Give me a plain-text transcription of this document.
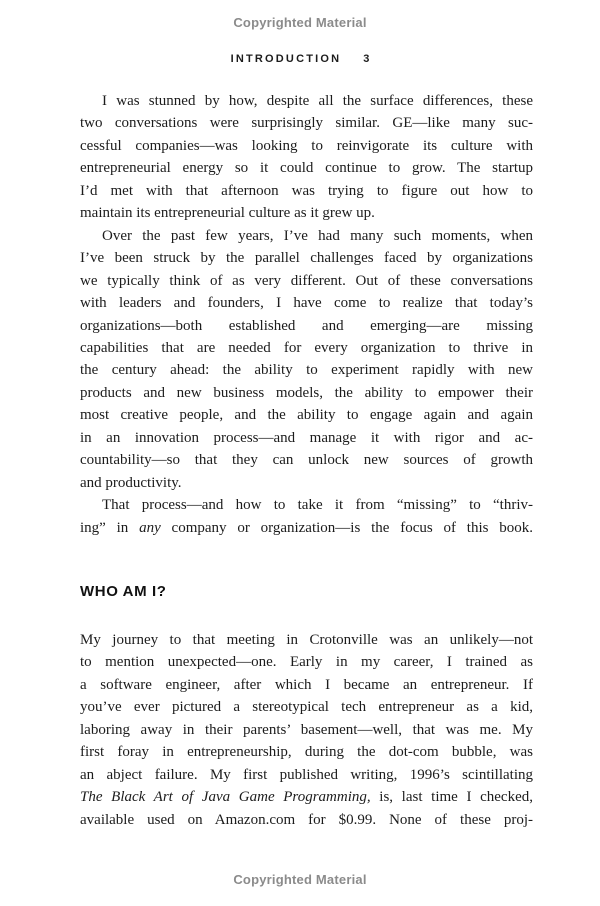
Copyrighted Material
INTRODUCTION 3
I was stunned by how, despite all the surface differences, these
two conversations were surprisingly similar. GE—like many suc-
cessful companies—was looking to reinvigorate its culture with
entrepreneurial energy so it could continue to grow. The startup
I’d met with that afternoon was trying to figure out how to
maintain its entrepreneurial culture as it grew up.
Over the past few years, I’ve had many such moments, when
I’ve been struck by the parallel challenges faced by organizations
we typically think of as very different. Out of these conversations
with leaders and founders, I have come to realize that today’s
organizations—both established and emerging—are missing
capabilities that are needed for every organization to thrive in
the century ahead: the ability to experiment rapidly with new
products and new business models, the ability to empower their
most creative people, and the ability to engage again and again
in an innovation process—and manage it with rigor and ac-
countability—so that they can unlock new sources of growth
and productivity.
That process—and how to take it from “missing” to “thriv-
ing” in any company or organization—is the focus of this book.
WHO AM I?
My journey to that meeting in Crotonville was an unlikely—not
to mention unexpected—one. Early in my career, I trained as
a software engineer, after which I became an entrepreneur. If
you’ve ever pictured a stereotypical tech entrepreneur as a kid,
laboring away in their parents’ basement—well, that was me. My
first foray in entrepreneurship, during the dot-com bubble, was
an abject failure. My first published writing, 1996’s scintillating
The Black Art of Java Game Programming, is, last time I checked,
available used on Amazon.com for $0.99. None of these proj-
Copyrighted Material
